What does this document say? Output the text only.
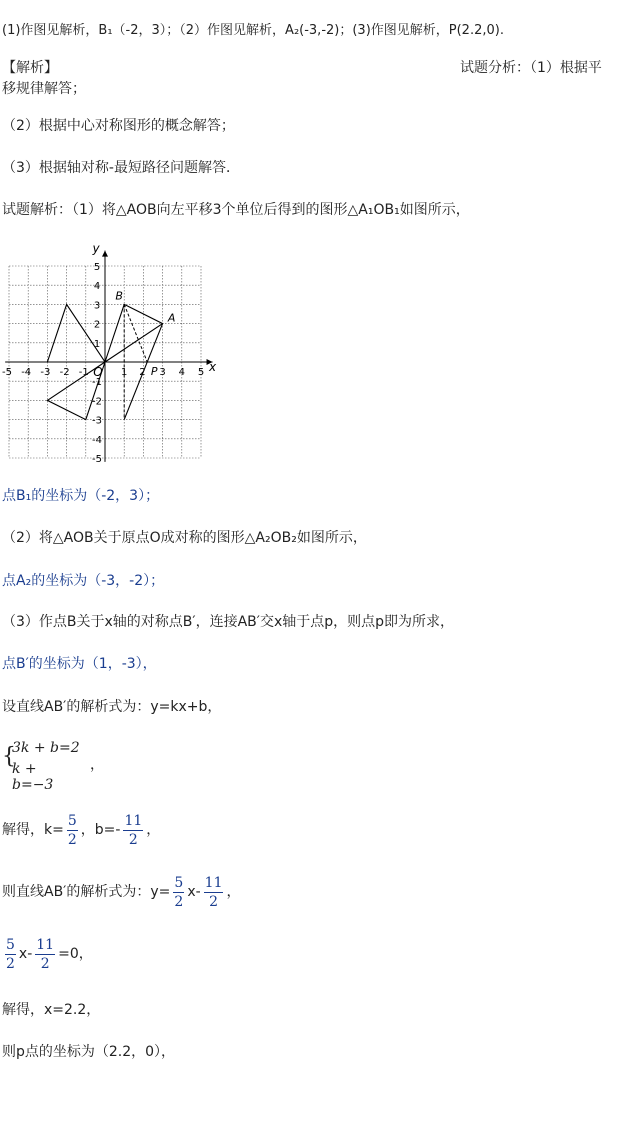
(1)作图见解析，B₁（-2，3）；（2）作图见解析，A₂(-3,-2)；(3)作图见解析，P(2.2,0).
【解析】	试题分析：（1）根据平
移规律解答；
（2）根据中心对称图形的概念解答；
（3）根据轴对称-最短路径问题解答．
试题解析：（1）将△AOB向左平移3个单位后得到的图形△A₁OB₁如图所示，
-5 -4 -3 -2 -1	1 2 3 4 5
5
4
3
2
1
-1
-2
-3
-4
-5
x
y
O
A
B
P
点B₁的坐标为（-2，3）；
（2）将△AOB关于原点O成对称的图形△A₂OB₂如图所示，
点A₂的坐标为（-3，-2）；
（3）作点B关于x轴的对称点B′，连接AB′交x轴于点p，则点p即为所求，
点B′的坐标为（1，-3），
设直线AB′的解析式为：y=kx+b，
{
3k + b=2
k + b=−3
，
解得，$k= \frac{5}{2}$ ，$b=- \frac{11}{2}$ ，
则直线AB′的解析式为：$y= \frac{5}{2} x- \frac{11}{2}$ ，
$\frac{5}{2} x- \frac{11}{2} =0$，
解得，x=2.2，
则p点的坐标为（2.2，0），
